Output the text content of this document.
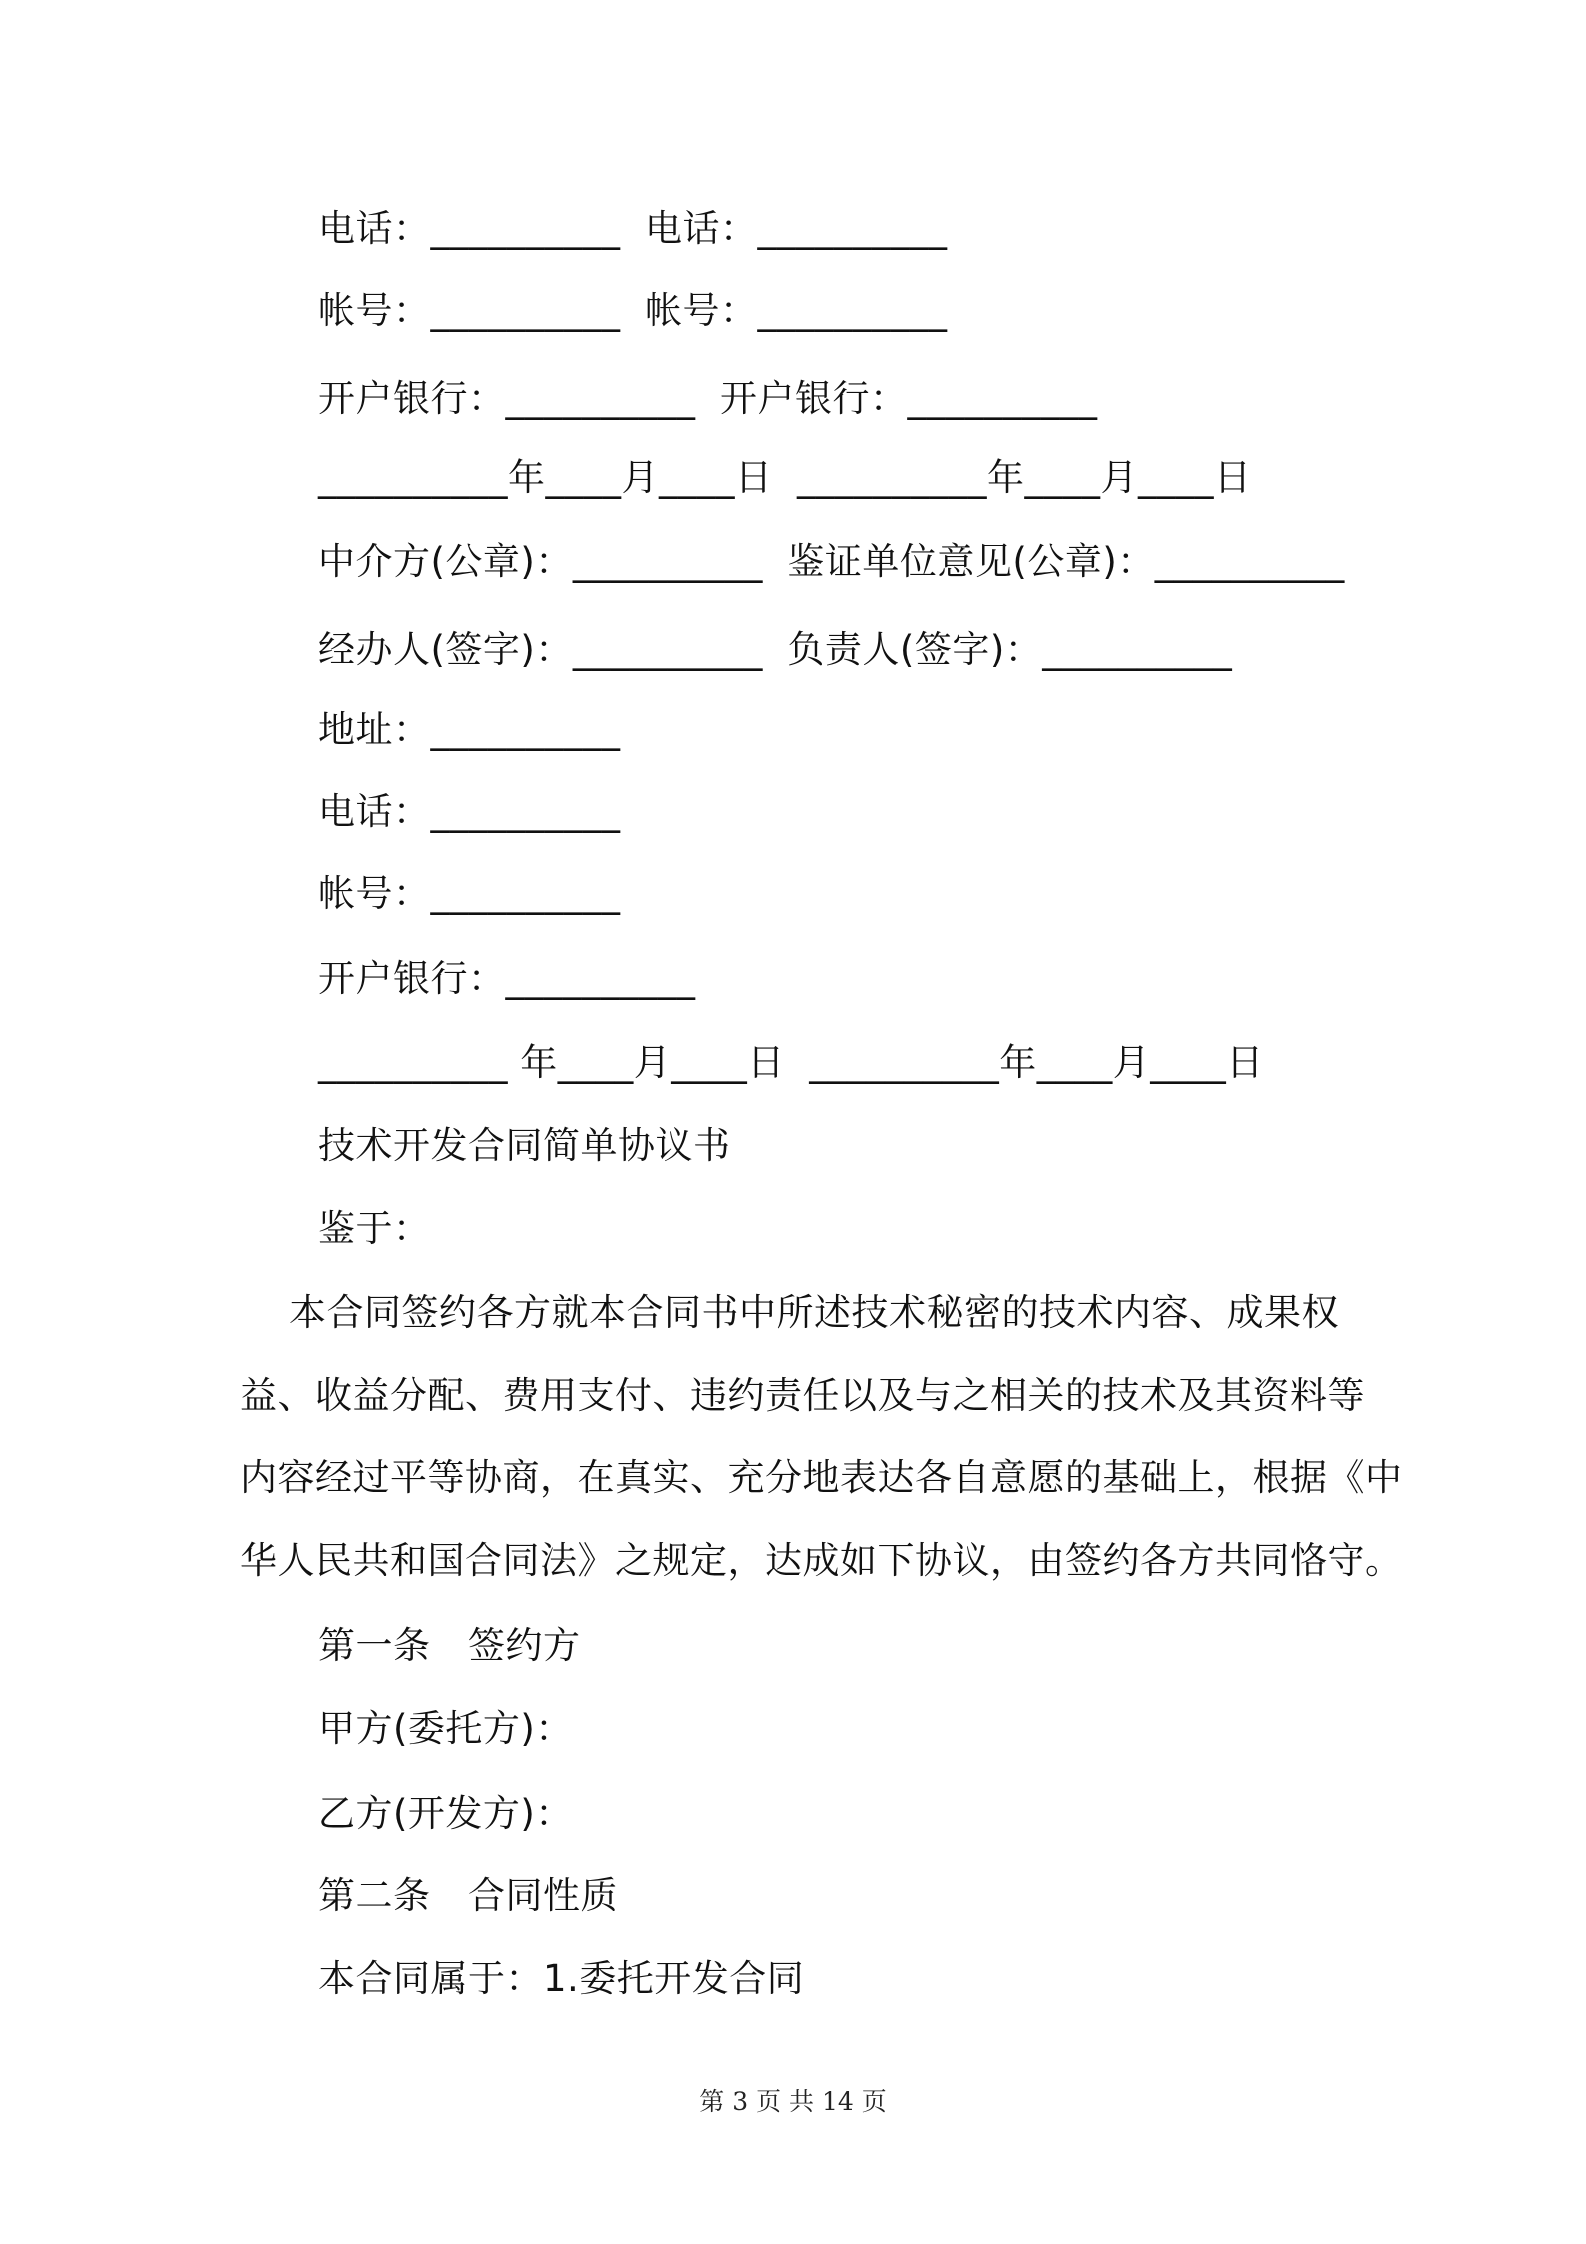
电话：__________  电话：__________
帐号：__________  帐号：__________
开户银行：__________  开户银行：__________
__________年____月____日  __________年____月____日
中介方(公章)：__________  鉴证单位意见(公章)：__________
经办人(签字)：__________  负责人(签字)：__________
地址：__________
电话：__________
帐号：__________
开户银行：__________
__________ 年____月____日  __________年____月____日
技术开发合同简单协议书
鉴于：
本合同签约各方就本合同书中所述技术秘密的技术内容、成果权
益、收益分配、费用支付、违约责任以及与之相关的技术及其资料等
内容经过平等协商，在真实、充分地表达各自意愿的基础上，根据《中
华人民共和国合同法》之规定，达成如下协议，由签约各方共同恪守。
第一条　签约方
甲方(委托方)：
乙方(开发方)：
第二条　合同性质
本合同属于：1.委托开发合同
第 3 页 共 14 页
